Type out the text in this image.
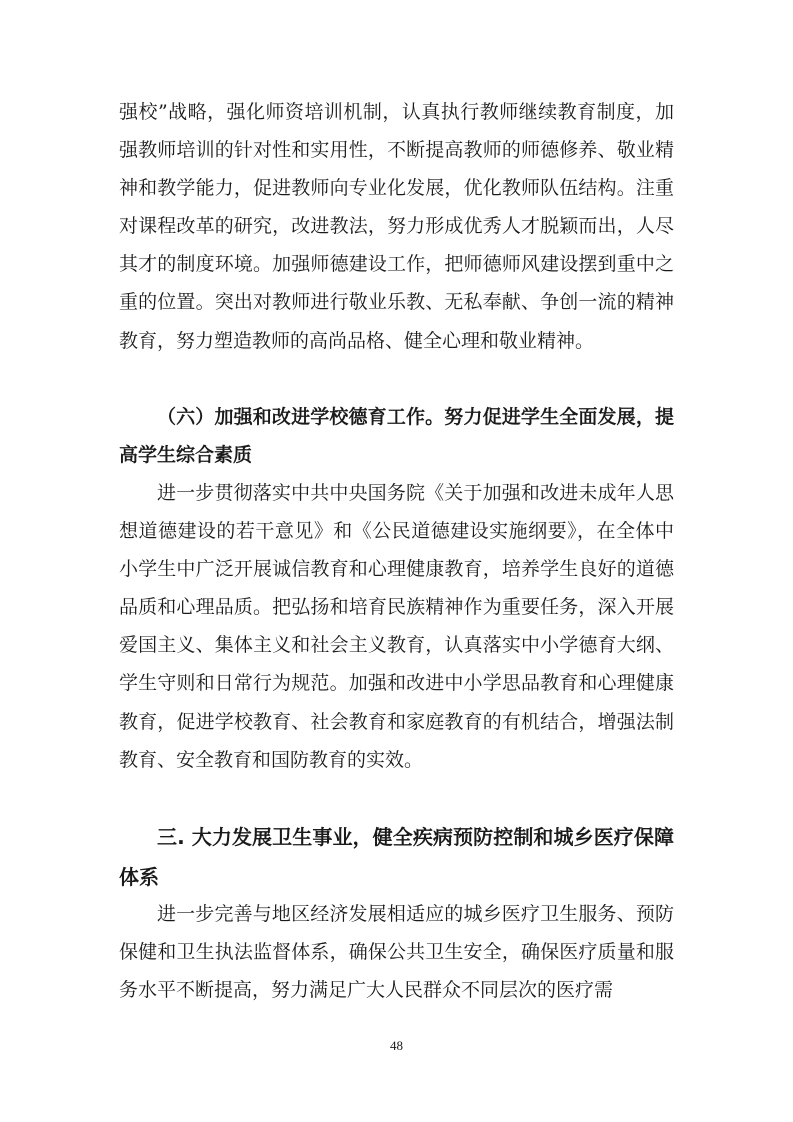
强校”战略，强化师资培训机制，认真执行教师继续教育制度，加强教师培训的针对性和实用性，不断提高教师的师德修养、敬业精神和教学能力，促进教师向专业化发展，优化教师队伍结构。注重对课程改革的研究，改进教法，努力形成优秀人才脱颖而出，人尽其才的制度环境。加强师德建设工作，把师德师风建设摆到重中之重的位置。突出对教师进行敬业乐教、无私奉献、争创一流的精神教育，努力塑造教师的高尚品格、健全心理和敬业精神。

（六）加强和改进学校德育工作。努力促进学生全面发展，提高学生综合素质

进一步贯彻落实中共中央国务院《关于加强和改进未成年人思想道德建设的若干意见》和《公民道德建设实施纲要》，在全体中小学生中广泛开展诚信教育和心理健康教育，培养学生良好的道德品质和心理品质。把弘扬和培育民族精神作为重要任务，深入开展爱国主义、集体主义和社会主义教育，认真落实中小学德育大纲、学生守则和日常行为规范。加强和改进中小学思品教育和心理健康教育，促进学校教育、社会教育和家庭教育的有机结合，增强法制教育、安全教育和国防教育的实效。

三. 大力发展卫生事业，健全疾病预防控制和城乡医疗保障体系

进一步完善与地区经济发展相适应的城乡医疗卫生服务、预防保健和卫生执法监督体系，确保公共卫生安全，确保医疗质量和服务水平不断提高，努力满足广大人民群众不同层次的医疗需

48
